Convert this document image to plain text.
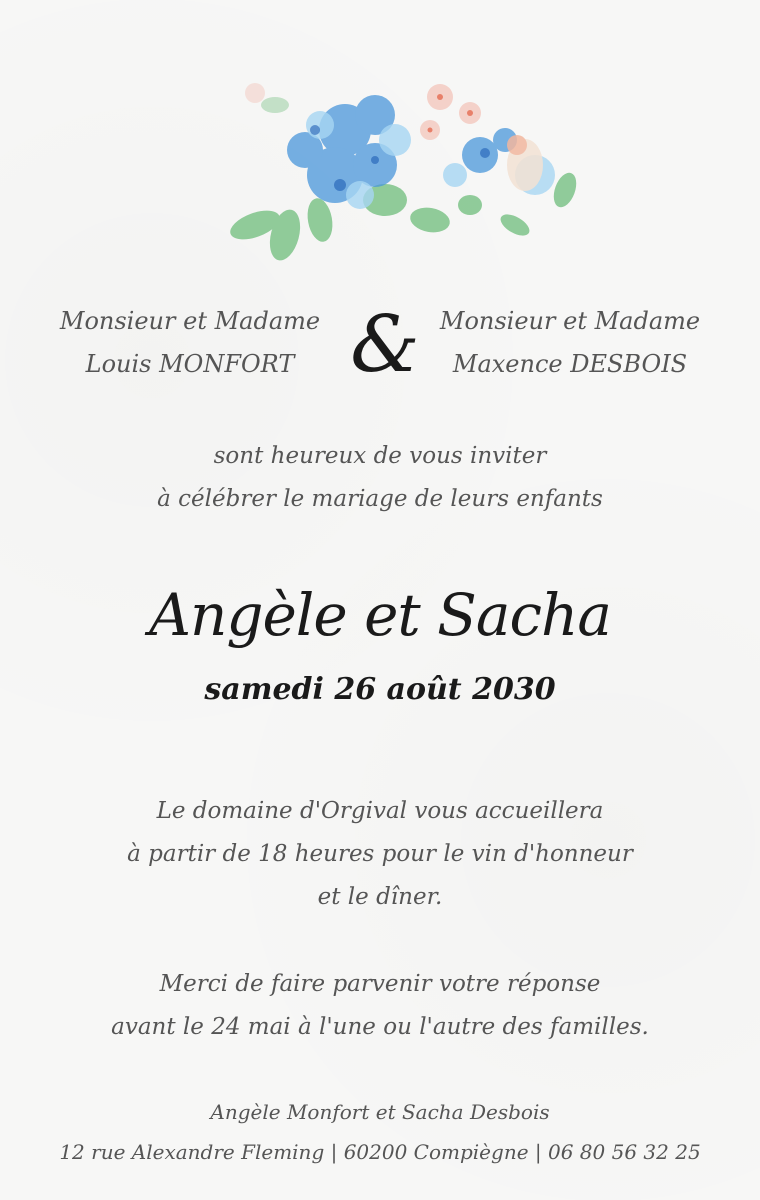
Monsieur et Madame
Louis MONFORT
Monsieur et Madame
Maxence DESBOIS
&
sont heureux de vous inviter
à célébrer le mariage de leurs enfants
Angèle et Sacha
samedi 26 août 2030
Le domaine d'Orgival vous accueillera
à partir de 18 heures pour le vin d'honneur
et le dîner.
Merci de faire parvenir votre réponse
avant le 24 mai à l'une ou l'autre des familles.
Angèle Monfort et Sacha Desbois
12 rue Alexandre Fleming | 60200 Compiègne | 06 80 56 32 25
